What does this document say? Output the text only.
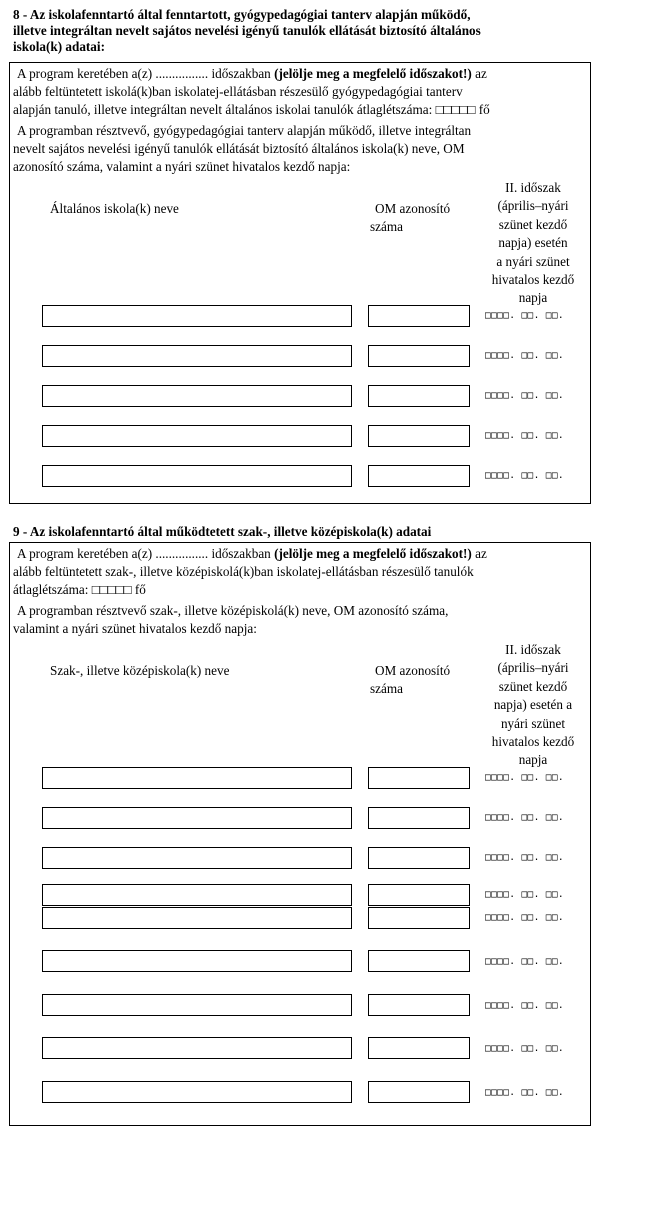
8 - Az iskolafenntartó által fenntartott, gyógypedagógiai tanterv alapján működő,
illetve integráltan nevelt sajátos nevelési igényű tanulók ellátását biztosító általános
iskola(k) adatai:
A program keretében a(z) ................ időszakban (jelölje meg a megfelelő időszakot!) az
alább feltüntetett iskolá(k)ban iskolatej-ellátásban részesülő gyógypedagógiai tanterv
alapján tanuló, illetve integráltan nevelt általános iskolai tanulók átlaglétszáma: □□□□□ fő
A programban résztvevő, gyógypedagógiai tanterv alapján működő, illetve integráltan
nevelt sajátos nevelési igényű tanulók ellátását biztosító általános iskola(k) neve, OM
azonosító száma, valamint a nyári szünet hivatalos kezdő napja:
Általános iskola(k) neve	OM azonosító
száma
II. időszak
(április–nyári
szünet kezdő
napja) esetén
a nyári szünet
hivatalos kezdő
napja
□□□□. □□. □□.
□□□□. □□. □□.
□□□□. □□. □□.
□□□□. □□. □□.
□□□□. □□. □□.
9 - Az iskolafenntartó által működtetett szak-, illetve középiskola(k) adatai
A program keretében a(z) ................ időszakban (jelölje meg a megfelelő időszakot!) az
alább feltüntetett szak-, illetve középiskolá(k)ban iskolatej-ellátásban részesülő tanulók
átlaglétszáma: □□□□□ fő
A programban résztvevő szak-, illetve középiskolá(k) neve, OM azonosító száma,
valamint a nyári szünet hivatalos kezdő napja:
Szak-, illetve középiskola(k) neve	OM azonosító
száma
II. időszak
(április–nyári
szünet kezdő
napja) esetén a
nyári szünet
hivatalos kezdő
napja
□□□□. □□. □□.
□□□□. □□. □□.
□□□□. □□. □□.
□□□□. □□. □□.
□□□□. □□. □□.
□□□□. □□. □□.
□□□□. □□. □□.
□□□□. □□. □□.
□□□□. □□. □□.
